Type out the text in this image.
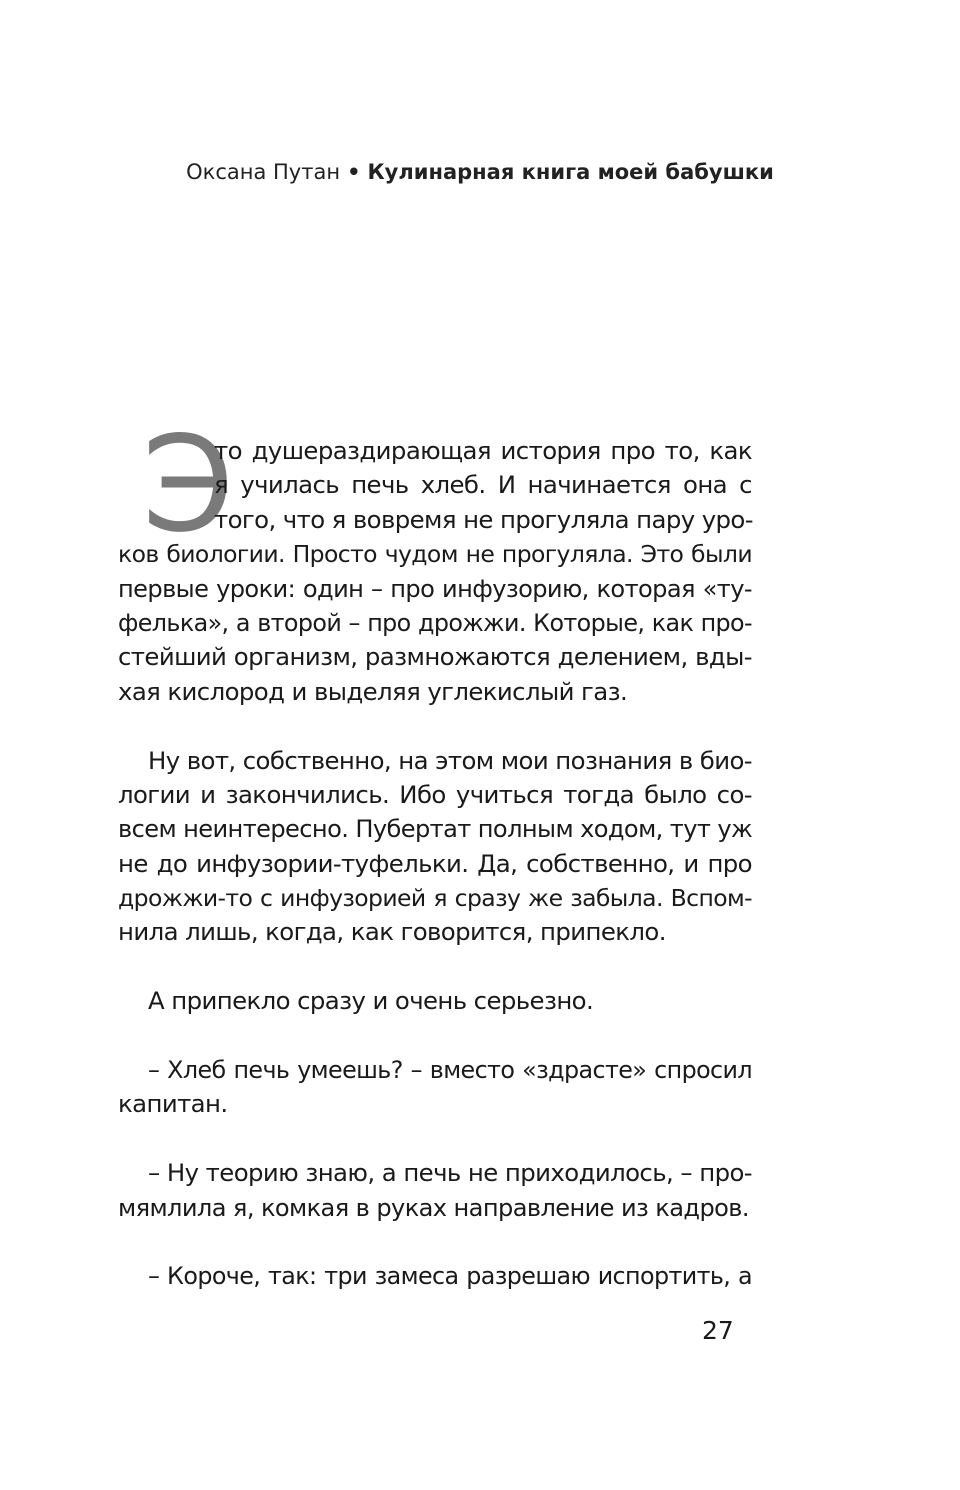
Оксана Путан • Кулинарная книга моей бабушки
Э
то душераздирающая история про то, как
я училась печь хлеб. И начинается она с
того, что я вовремя не прогуляла пару уро-
ков биологии. Просто чудом не прогуляла. Это были
первые уроки: один – про инфузорию, которая «ту-
фелька», а второй – про дрожжи. Которые, как про-
стейший организм, размножаются делением, вды-
хая кислород и выделяя углекислый газ.
Ну вот, собственно, на этом мои познания в био-
логии и закончились. Ибо учиться тогда было со-
всем неинтересно. Пубертат полным ходом, тут уж
не до инфузории-туфельки. Да, собственно, и про
дрожжи-то с инфузорией я сразу же забыла. Вспом-
нила лишь, когда, как говорится, припекло.
А припекло сразу и очень серьезно.
– Хлеб печь умеешь? – вместо «здрасте» спросил
капитан.
– Ну теорию знаю, а печь не приходилось, – про-
мямлила я, комкая в руках направление из кадров.
– Короче, так: три замеса разрешаю испортить, а
27
